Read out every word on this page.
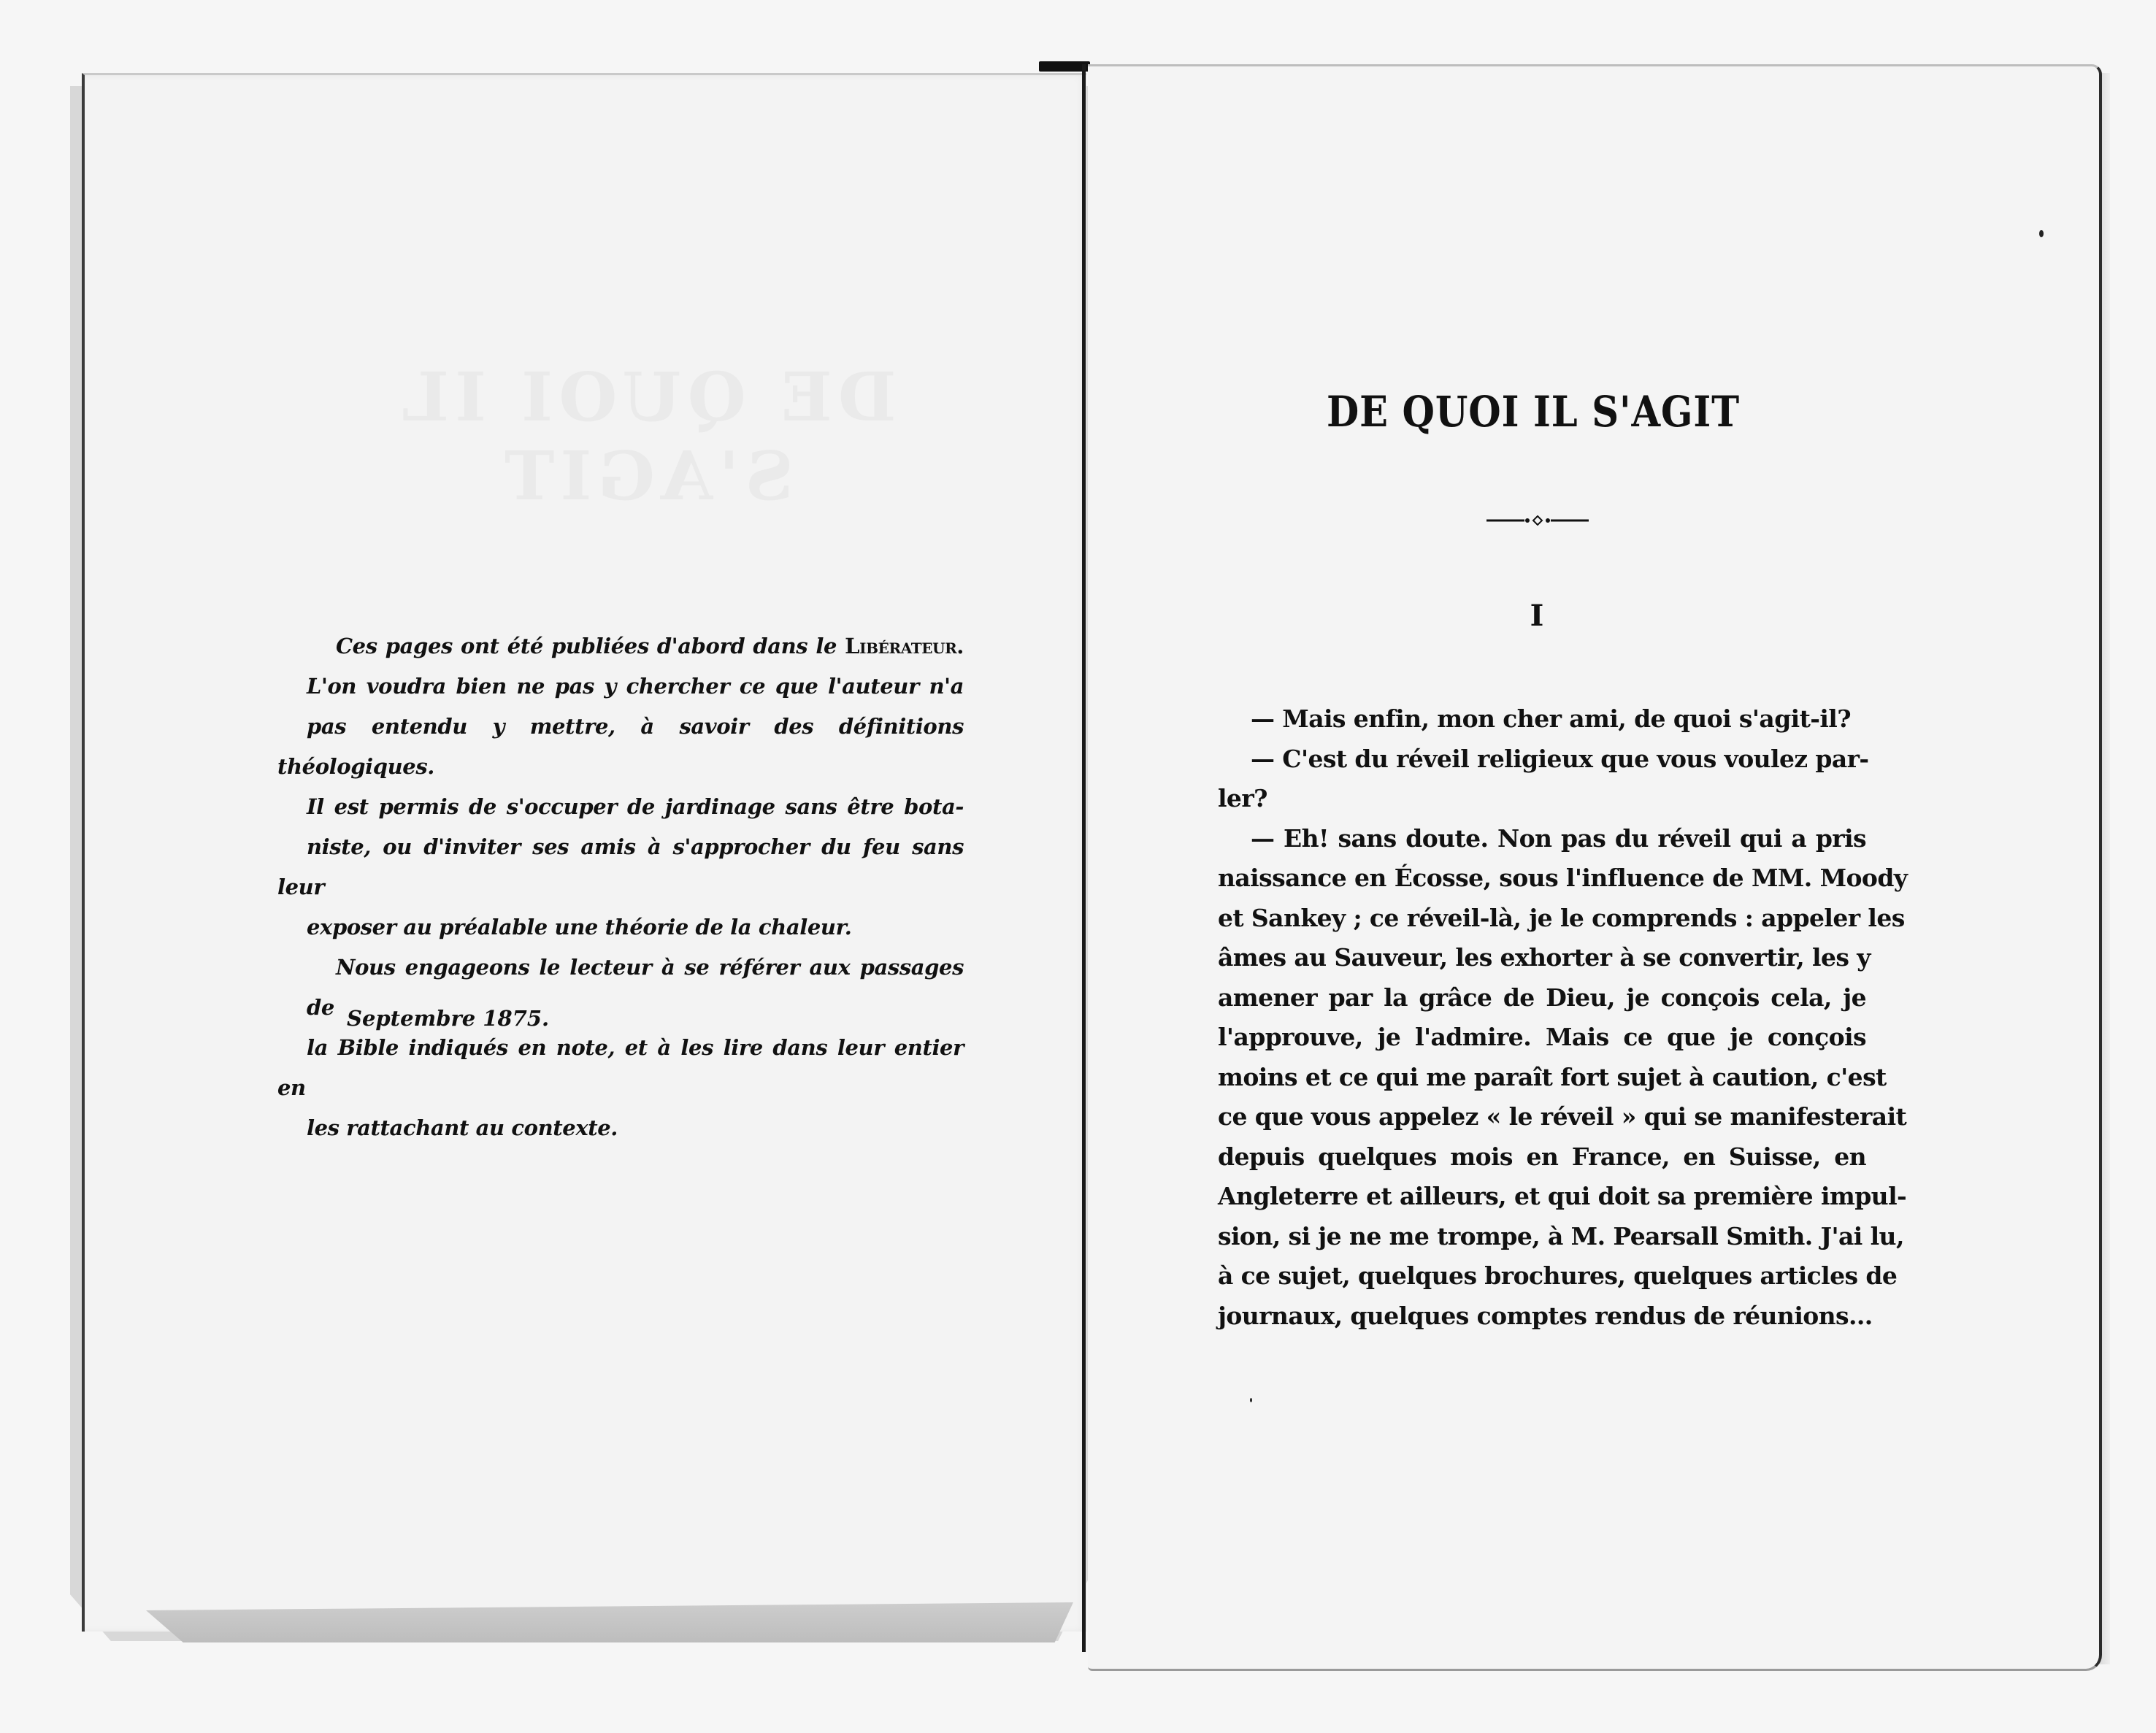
Ces pages ont été publiées d'abord dans le Libérateur.
L'on voudra bien ne pas y chercher ce que l'auteur n'a
pas entendu y mettre, à savoir des définitions théologiques.
Il est permis de s'occuper de jardinage sans être bota-
niste, ou d'inviter ses amis à s'approcher du feu sans leur
exposer au préalable une théorie de la chaleur.

Nous engageons le lecteur à se référer aux passages de
la Bible indiqués en note, et à les lire dans leur entier en
les rattachant au contexte.

Septembre 1875.
DE QUOI IL S'AGIT
I
— Mais enfin, mon cher ami, de quoi s'agit-il?
— C'est du réveil religieux que vous voulez par-
ler?
— Eh! sans doute. Non pas du réveil qui a pris
naissance en Écosse, sous l'influence de MM. Moody
et Sankey ; ce réveil-là, je le comprends : appeler les
âmes au Sauveur, les exhorter à se convertir, les y
amener par la grâce de Dieu, je conçois cela, je
l'approuve, je l'admire. Mais ce que je conçois
moins et ce qui me paraît fort sujet à caution, c'est
ce que vous appelez « le réveil » qui se manifesterait
depuis quelques mois en France, en Suisse, en
Angleterre et ailleurs, et qui doit sa première impul-
sion, si je ne me trompe, à M. Pearsall Smith. J'ai lu,
à ce sujet, quelques brochures, quelques articles de
journaux, quelques comptes rendus de réunions...
